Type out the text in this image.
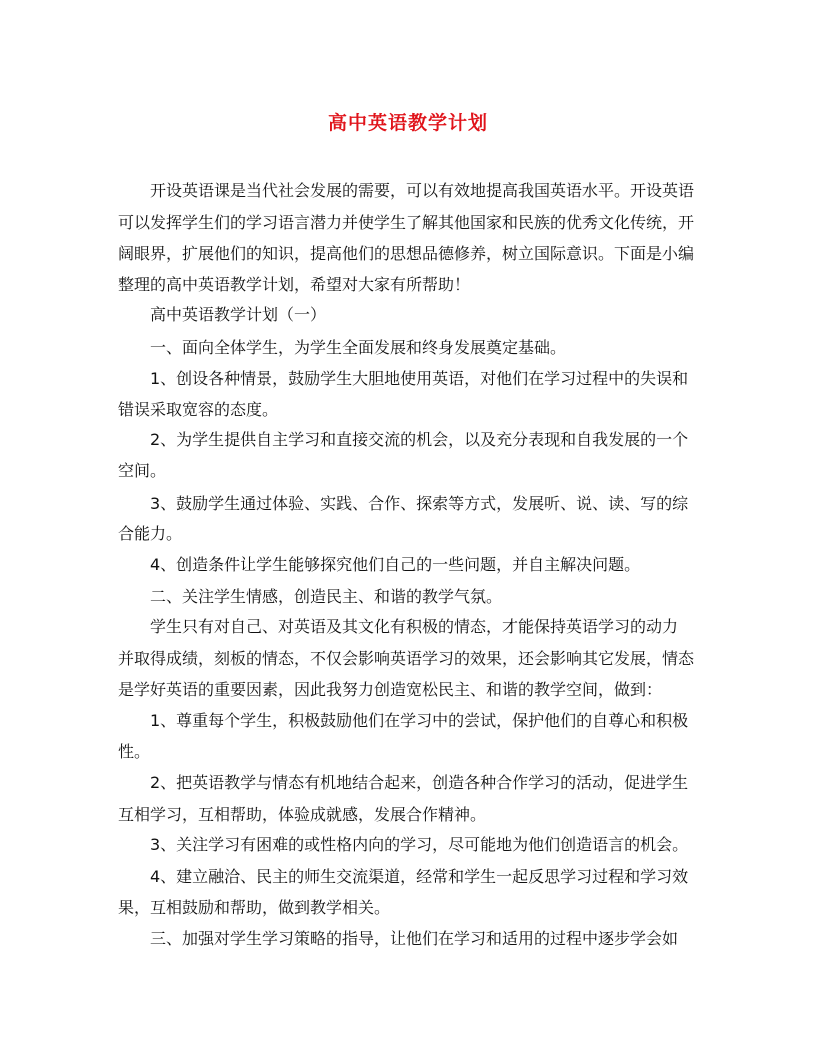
高中英语教学计划
　　开设英语课是当代社会发展的需要，可以有效地提高我国英语水平。开设英语
可以发挥学生们的学习语言潜力并使学生了解其他国家和民族的优秀文化传统，开
阔眼界，扩展他们的知识，提高他们的思想品德修养，树立国际意识。下面是小编
整理的高中英语教学计划，希望对大家有所帮助！
　　高中英语教学计划（一）
　　一、面向全体学生，为学生全面发展和终身发展奠定基础。
　　1、创设各种情景，鼓励学生大胆地使用英语，对他们在学习过程中的失误和
错误采取宽容的态度。
　　2、为学生提供自主学习和直接交流的机会，以及充分表现和自我发展的一个
空间。
　　3、鼓励学生通过体验、实践、合作、探索等方式，发展听、说、读、写的综
合能力。
　　4、创造条件让学生能够探究他们自己的一些问题，并自主解决问题。
　　二、关注学生情感，创造民主、和谐的教学气氛。
　　学生只有对自己、对英语及其文化有积极的情态，才能保持英语学习的动力
并取得成绩，刻板的情态，不仅会影响英语学习的效果，还会影响其它发展，情态
是学好英语的重要因素，因此我努力创造宽松民主、和谐的教学空间，做到：
　　1、尊重每个学生，积极鼓励他们在学习中的尝试，保护他们的自尊心和积极
性。
　　2、把英语教学与情态有机地结合起来，创造各种合作学习的活动，促进学生
互相学习，互相帮助，体验成就感，发展合作精神。
　　3、关注学习有困难的或性格内向的学习，尽可能地为他们创造语言的机会。
　　4、建立融洽、民主的师生交流渠道，经常和学生一起反思学习过程和学习效
果，互相鼓励和帮助，做到教学相关。
　　三、加强对学生学习策略的指导，让他们在学习和适用的过程中逐步学会如
